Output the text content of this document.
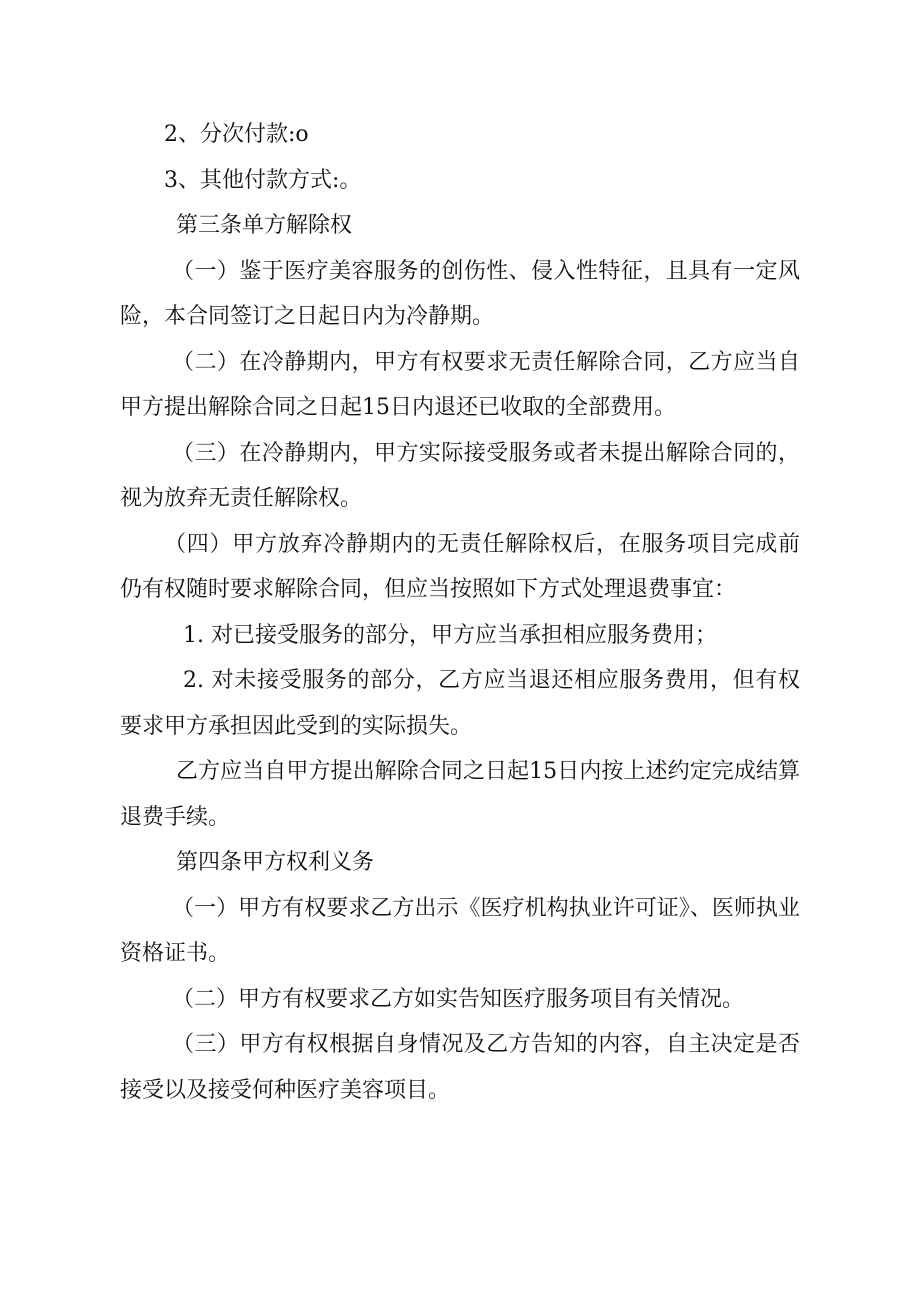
2、分次付款:o

3、其他付款方式:。

第三条单方解除权

（一）鉴于医疗美容服务的创伤性、侵入性特征，且具有一定风险，本合同签订之日起日内为冷静期。

（二）在冷静期内，甲方有权要求无责任解除合同，乙方应当自甲方提出解除合同之日起15日内退还已收取的全部费用。

（三）在冷静期内，甲方实际接受服务或者未提出解除合同的，视为放弃无责任解除权。

（四）甲方放弃冷静期内的无责任解除权后，在服务项目完成前仍有权随时要求解除合同，但应当按照如下方式处理退费事宜：

1. 对已接受服务的部分，甲方应当承担相应服务费用；

2. 对未接受服务的部分，乙方应当退还相应服务费用，但有权要求甲方承担因此受到的实际损失。

乙方应当自甲方提出解除合同之日起15日内按上述约定完成结算退费手续。

第四条甲方权利义务

（一）甲方有权要求乙方出示《医疗机构执业许可证》、医师执业资格证书。

（二）甲方有权要求乙方如实告知医疗服务项目有关情况。

（三）甲方有权根据自身情况及乙方告知的内容，自主决定是否接受以及接受何种医疗美容项目。
